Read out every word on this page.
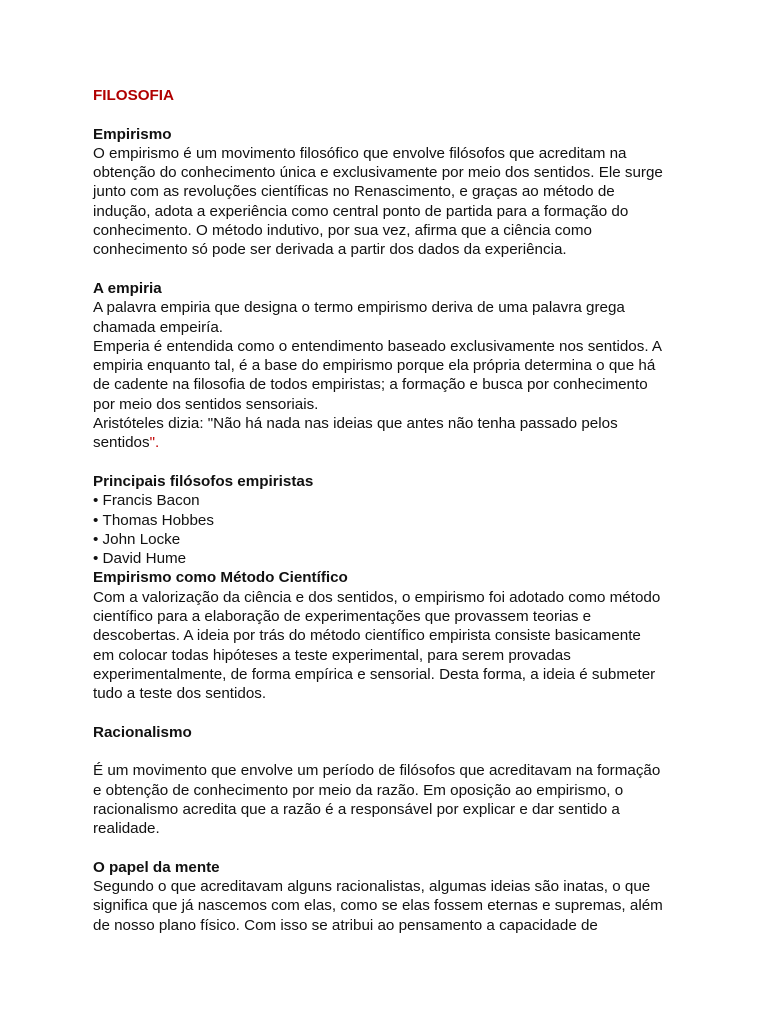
FILOSOFIA
Empirismo

O empirismo é um movimento filosófico que envolve filósofos que acreditam na

obtenção do conhecimento única e exclusivamente por meio dos sentidos. Ele surge

junto com as revoluções científicas no Renascimento, e graças ao método de

indução, adota a experiência como central ponto de partida para a formação do

conhecimento. O método indutivo, por sua vez, afirma que a ciência como

conhecimento só pode ser derivada a partir dos dados da experiência.

A empiria

A palavra empiria que designa o termo empirismo deriva de uma palavra grega

chamada empeiría.

Emperia é entendida como o entendimento baseado exclusivamente nos sentidos. A

empiria enquanto tal, é a base do empirismo porque ela própria determina o que há

de cadente na filosofia de todos empiristas; a formação e busca por conhecimento

por meio dos sentidos sensoriais.

Aristóteles dizia: "Não há nada nas ideias que antes não tenha passado pelos

sentidos".

Principais filósofos empiristas
• Francis Bacon
• Thomas Hobbes
• John Locke
• David Hume
Empirismo como Método Científico

Com a valorização da ciência e dos sentidos, o empirismo foi adotado como método

científico para a elaboração de experimentações que provassem teorias e

descobertas. A ideia por trás do método científico empirista consiste basicamente

em colocar todas hipóteses a teste experimental, para serem provadas

experimentalmente, de forma empírica e sensorial. Desta forma, a ideia é submeter

tudo a teste dos sentidos.

Racionalismo

É um movimento que envolve um período de filósofos que acreditavam na formação

e obtenção de conhecimento por meio da razão. Em oposição ao empirismo, o

racionalismo acredita que a razão é a responsável por explicar e dar sentido a

realidade.

O papel da mente

Segundo o que acreditavam alguns racionalistas, algumas ideias são inatas, o que

significa que já nascemos com elas, como se elas fossem eternas e supremas, além

de nosso plano físico. Com isso se atribui ao pensamento a capacidade de
